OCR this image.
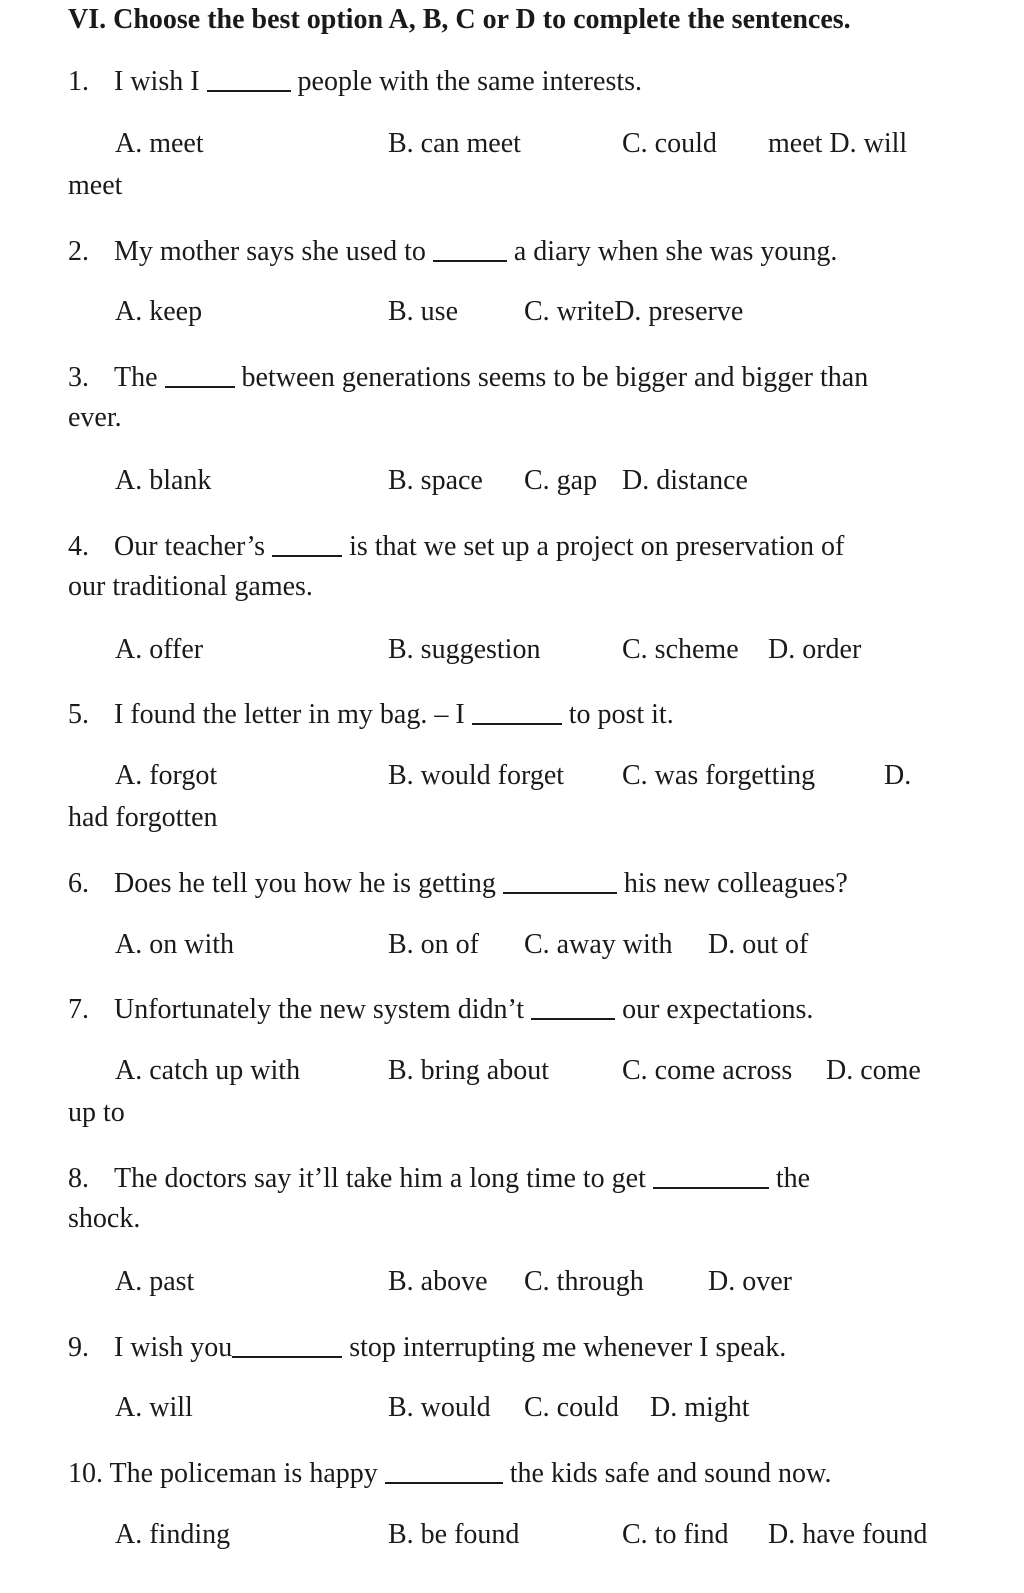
VI. Choose the best option A, B, C or D to complete the sentences.
1. I wish I	people with the same interests.
A. meet	B. can meet	C. could meet D. will
meet
2. My mother says she used to	a diary when she was young.
A. keep	B. use C. writeD. preserve
3. The	between generations seems to be bigger and bigger than
ever.
A. blank	B. space C. gap D. distance
4. Our teacher’s	is that we set up a project on preservation of
our traditional games.
A. offer	B. suggestion	C. scheme D. order
5. I found the letter in my bag. – I	to post it.
A. forgot	B. would forget C. was forgetting D.
had forgotten
6. Does he tell you how he is getting	his new colleagues?
A. on with	B. on of C. away with D. out of
7. Unfortunately the new system didn’t	our expectations.
A. catch up with	B. bring about	C. come across D. come
up to
8. The doctors say it’ll take him a long time to get	the
shock.
A. past	B. above C. through D. over
9. I wish you	stop interrupting me whenever I speak.
A. will	B. would C. could D. might
10. The policeman is happy	the kids safe and sound now.
A. finding	B. be found	C. to find D. have found
